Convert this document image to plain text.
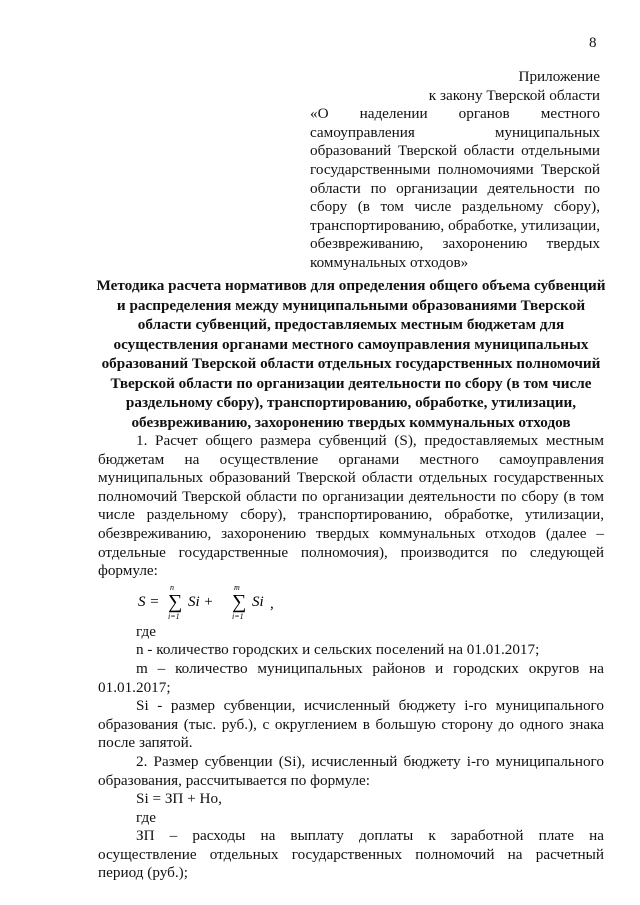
8
Приложение
к закону Тверской области
«О наделении органов местного самоуправления муниципальных образований Тверской области отдельными государственными полномочиями Тверской области по организации деятельности по сбору (в том числе раздельному сбору), транспортированию, обработке, утилизации, обезвреживанию, захоронению твердых коммунальных отходов»
Методика расчета нормативов для определения общего объема субвенций и распределения между муниципальными образованиями Тверской области субвенций, предоставляемых местным бюджетам для осуществления органами местного самоуправления муниципальных образований Тверской области отдельных государственных полномочий Тверской области по организации деятельности по сбору (в том числе раздельному сбору), транспортированию, обработке, утилизации, обезвреживанию, захоронению твердых коммунальных отходов

1. Расчет общего размера субвенций (S), предоставляемых местным бюджетам на осуществление органами местного самоуправления муниципальных образований Тверской области отдельных государственных полномочий Тверской области по организации деятельности по сбору (в том числе раздельному сбору), транспортированию, обработке, утилизации, обезвреживанию, захоронению твердых коммунальных отходов (далее – отдельные государственные полномочия), производится по следующей формуле:

S =
n
∑
i=1
Si +
m
∑
i=1
Si ,

где

n - количество городских и сельских поселений на 01.01.2017;

m – количество муниципальных районов и городских округов на 01.01.2017;

Si - размер субвенции, исчисленный бюджету i-го муниципального образования (тыс. руб.), с округлением в большую сторону до одного знака после запятой.

2. Размер субвенции (Si), исчисленный бюджету i-го муниципального образования, рассчитывается по формуле:

Si = ЗП + Но,

где

ЗП – расходы на выплату доплаты к заработной плате на осуществление отдельных государственных полномочий на расчетный период (руб.);
